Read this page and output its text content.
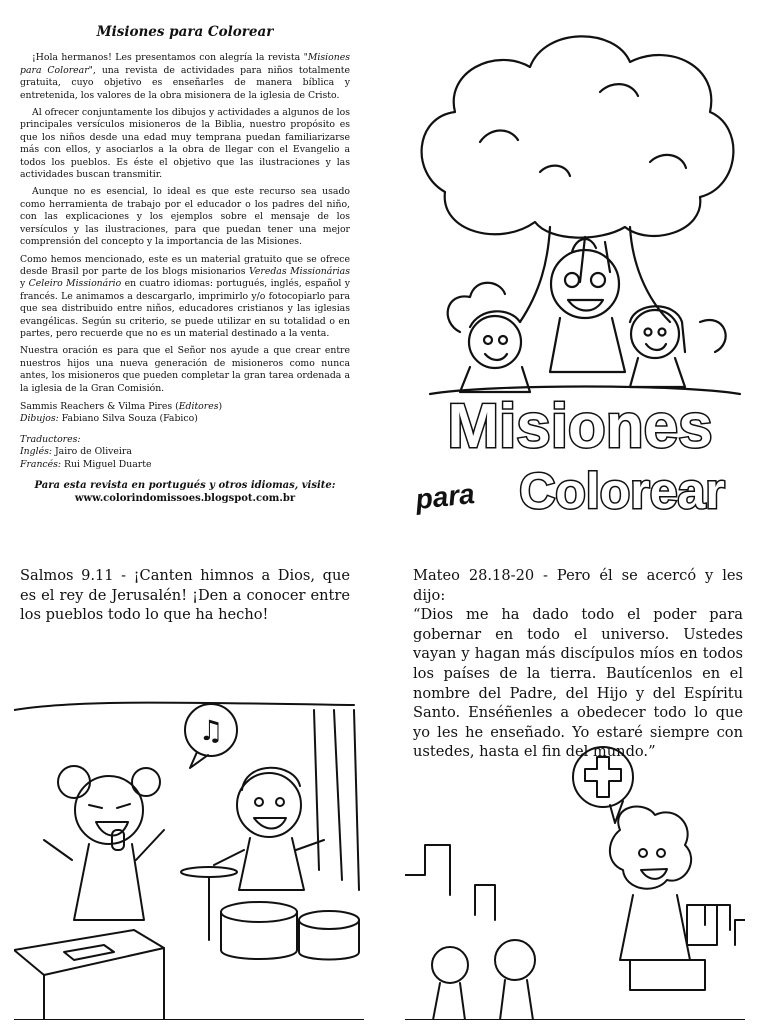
Misiones para Colorear

¡Hola hermanos! Les presentamos con alegría la revista "Misiones para Colorear", una revista de actividades para niños totalmente gratuita, cuyo objetivo es enseñarles de manera bíblica y entretenida, los valores de la obra misionera de la iglesia de Cristo.

Al ofrecer conjuntamente los dibujos y actividades a algunos de los principales versículos misioneros de la Biblia, nuestro propósito es que los niños desde una edad muy temprana puedan familiarizarse más con ellos, y asociarlos a la obra de llegar con el Evangelio a todos los pueblos. Es éste el objetivo que las ilustraciones y las actividades buscan transmitir.

Aunque no es esencial, lo ideal es que este recurso sea usado como herramienta de trabajo por el educador o los padres del niño, con las explicaciones y los ejemplos sobre el mensaje de los versículos y las ilustraciones, para que puedan tener una mejor comprensión del concepto y la importancia de las Misiones.

Como hemos mencionado, este es un material gratuito que se ofrece desde Brasil por parte de los blogs misionarios Veredas Missionárias y Celeiro Missionário en cuatro idiomas: portugués, inglés, español y francés. Le animamos a descargarlo, imprimirlo y/o fotocopiarlo para que sea distribuido entre niños, educadores cristianos y las iglesias evangélicas. Según su criterio, se puede utilizar en su totalidad o en partes, pero recuerde que no es un material destinado a la venta.

Nuestra oración es para que el Señor nos ayude a que crear entre nuestros hijos una nueva generación de misioneros como nunca antes, los misioneros que pueden completar la gran tarea ordenada a la iglesia de la Gran Comisión.

Sammis Reachers & Vilma Pires (Editores)
Dibujos: Fabiano Silva Souza (Fabico)
Traductores:
Inglés: Jairo de Oliveira
Francés: Rui Miguel Duarte
Para esta revista en portugués y otros idiomas, visite:
www.colorindomissoes.blogspot.com.br
Misiones
para Colorear
Salmos 9.11 - ¡Canten himnos a Dios, que es el rey de Jerusalén! ¡Den a conocer entre los pueblos todo lo que ha hecho!
♫
Mateo 28.18-20 - Pero él se acercó y les dijo:
“Dios me ha dado todo el poder para gobernar en todo el universo. Ustedes vayan y hagan más discípulos míos en todos los países de la tierra. Bautícenlos en el nombre del Padre, del Hijo y del Espíritu Santo. Enséñenles a obedecer todo lo que yo les he enseñado. Yo estaré siempre con ustedes, hasta el fin del mundo.”
